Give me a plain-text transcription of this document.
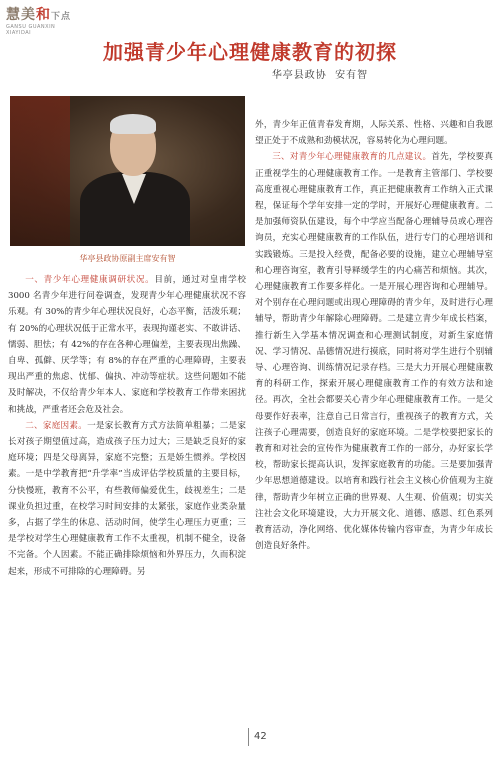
慧美和下点
GANSU GUANXIN
XIAYIDAI
加强青少年心理健康教育的初探
华亭县政协  安有智
华亭县政协原副主席安有智

一、青少年心理健康调研状况。目前，通过对皇甫学校 3000 名青少年进行问卷调查，发现青少年心理健康状况不容乐观。有 30%的青少年心理状况良好，心态平衡，活泼乐观；有 20%的心理状况低于正常水平，表现拘谨老实、不敢讲话、懦弱、胆怯；有 42%的存在各种心理偏差，主要表现出焦躁、自卑、孤僻、厌学等；有 8%的存在严重的心理障碍，主要表现出严重的焦虑、忧郁、偏执、冲动等症状。这些问题如不能及时解决，不仅给青少年本人、家庭和学校教育工作带来困扰和挑战，严重者还会危及社会。

二、家庭因素。一是家长教育方式方法简单粗暴；二是家长对孩子期望值过高，造成孩子压力过大；三是缺乏良好的家庭环境；四是父母离异，家庭不完整；五是娇生惯养。学校因素。一是中学教育把“升学率”当成评估学校质量的主要目标，分快慢班，教育不公平，有些教师偏爱优生，歧视差生；二是课业负担过重，在校学习时间安排的太紧张，家庭作业类杂量多，占据了学生的休息、活动时间，使学生心理压力更重；三是学校对学生心理健康教育工作不太重视，机制不健全，设备不完备。个人因素。不能正确排除烦恼和外界压力，久而积淀起来，形成不可排除的心理障碍。另

外，青少年正值青春发育期，人际关系、性格、兴趣和自我愿望正处于不成熟和劲模状况，容易转化为心理问题。

三、对青少年心理健康教育的几点建议。首先，学校要真正重视学生的心理健康教育工作。一是教育主管部门、学校要高度重视心理健康教育工作，真正把健康教育工作纳入正式课程，保证每个学年安排一定的学时，开展好心理健康教育。二是加强师资队伍建设，每个中学应当配备心理辅导员或心理咨询员，充实心理健康教育的工作队伍，进行专门的心理培训和实践锻炼。三是投入经费，配备必要的设施，建立心理辅导室和心理咨询室，教育引导释缓学生的内心痛苦和烦恼。其次，心理健康教育工作要多样化。一是开展心理咨询和心理辅导。对个别存在心理问题或出现心理障碍的青少年，及时进行心理辅导，帮助青少年解除心理障碍。二是建立青少年成长档案，推行新生入学基本情况调查和心理测试制度，对新生家庭情况、学习情况、品德情况进行摸底，同时将对学生进行个别辅导、心理咨询、训练情况记录存档。三是大力开展心理健康教育的科研工作，探索开展心理健康教育工作的有效方法和途径。再次，全社会都要关心青少年心理健康教育工作。一是父母要作好表率，注意自己日常言行，重视孩子的教育方式，关注孩子心理需要，创造良好的家庭环境。二是学校要把家长的教育和对社会的宣传作为健康教育工作的一部分，办好家长学校，帮助家长提高认识，发挥家庭教育的功能。三是要加强青少年思想道德建设。以培育和践行社会主义核心价值观为主旋律，帮助青少年树立正确的世界观、人生观、价值观；切实关注社会文化环境建设，大力开展文化、道德、感恩、红色系列教育活动，净化网络、优化媒体传输内容审查，为青少年成长创造良好条件。

42
